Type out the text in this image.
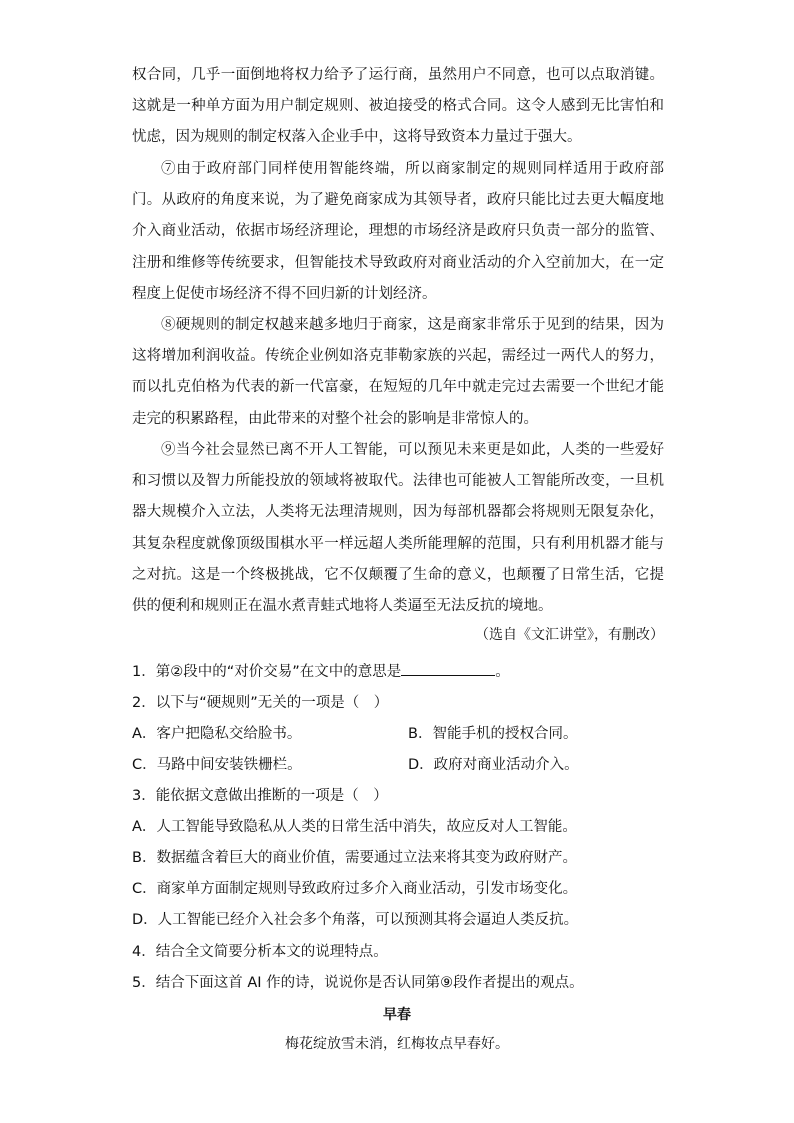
权合同，几乎一面倒地将权力给予了运行商，虽然用户不同意，也可以点取消键。这就是一种单方面为用户制定规则、被迫接受的格式合同。这令人感到无比害怕和忧虑，因为规则的制定权落入企业手中，这将导致资本力量过于强大。

⑦由于政府部门同样使用智能终端，所以商家制定的规则同样适用于政府部门。从政府的角度来说，为了避免商家成为其领导者，政府只能比过去更大幅度地介入商业活动，依据市场经济理论，理想的市场经济是政府只负责一部分的监管、注册和维修等传统要求，但智能技术导致政府对商业活动的介入空前加大，在一定程度上促使市场经济不得不回归新的计划经济。

⑧硬规则的制定权越来越多地归于商家，这是商家非常乐于见到的结果，因为这将增加利润收益。传统企业例如洛克菲勒家族的兴起，需经过一两代人的努力，而以扎克伯格为代表的新一代富豪，在短短的几年中就走完过去需要一个世纪才能走完的积累路程，由此带来的对整个社会的影响是非常惊人的。

⑨当今社会显然已离不开人工智能，可以预见未来更是如此，人类的一些爱好和习惯以及智力所能投放的领域将被取代。法律也可能被人工智能所改变，一旦机器大规模介入立法，人类将无法理清规则，因为每部机器都会将规则无限复杂化，其复杂程度就像顶级围棋水平一样远超人类所能理解的范围，只有利用机器才能与之对抗。这是一个终极挑战，它不仅颠覆了生命的意义，也颠覆了日常生活，它提供的便利和规则正在温水煮青蛙式地将人类逼至无法反抗的境地。

（选自《文汇讲堂》，有删改）

1．第②段中的“对价交易”在文中的意思是	。

2．以下与“硬规则”无关的一项是（　）

A．客户把隐私交给脸书。	B．智能手机的授权合同。

C．马路中间安装铁栅栏。	D．政府对商业活动介入。

3．能依据文意做出推断的一项是（　）

A．人工智能导致隐私从人类的日常生活中消失，故应反对人工智能。

B．数据蕴含着巨大的商业价值，需要通过立法来将其变为政府财产。

C．商家单方面制定规则导致政府过多介入商业活动，引发市场变化。

D．人工智能已经介入社会多个角落，可以预测其将会逼迫人类反抗。

4．结合全文简要分析本文的说理特点。

5．结合下面这首 AI 作的诗，说说你是否认同第⑨段作者提出的观点。

早春

梅花绽放雪未消，红梅妆点早春好。
